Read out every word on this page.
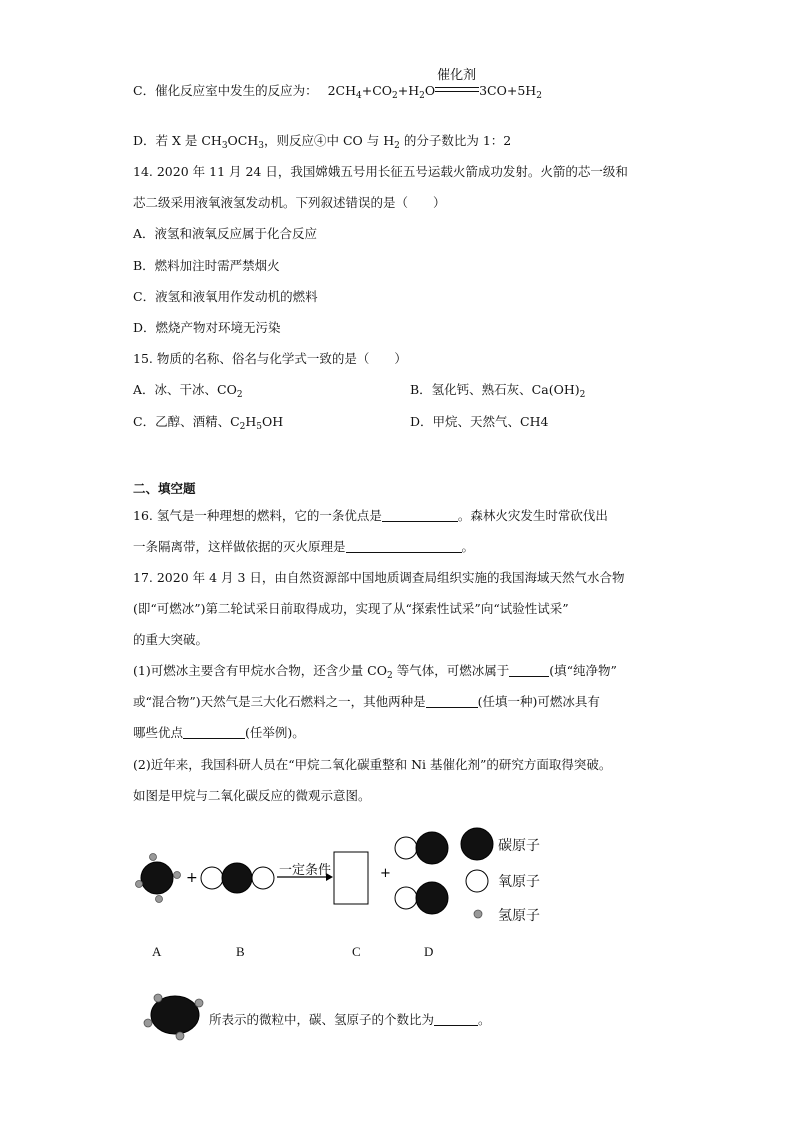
C．催化反应室中发生的反应为： $2CH_4+CO_2+H_2O$
催化剂
$3CO+5H_2$
D．若 X 是 $CH_3OCH_3$，则反应④中 CO 与 $H_2$ 的分子数比为 1：2
14. 2020 年 11 月 24 日，我国嫦娥五号用长征五号运载火箭成功发射。火箭的芯一级和
芯二级采用液氧液氢发动机。下列叙述错误的是（　　）
A．液氢和液氧反应属于化合反应
B．燃料加注时需严禁烟火
C．液氢和液氧用作发动机的燃料
D．燃烧产物对环境无污染
15. 物质的名称、俗名与化学式一致的是（　　）
A．冰、干冰、$CO_2$	B．氢化钙、熟石灰、$Ca(OH)_2$
C．乙醇、酒精、$C_2H_5OH$	D．甲烷、天然气、CH4
二、填空题
16. 氢气是一种理想的燃料，它的一条优点是	。森林火灾发生时常砍伐出
一条隔离带，这样做依据的灭火原理是	。
17. 2020 年 4 月 3 日，由自然资源部中国地质调查局组织实施的我国海域天然气水合物
(即“可燃冰”)第二轮试采日前取得成功，实现了从“探索性试采”向“试验性试采”
的重大突破。
(1)可燃冰主要含有甲烷水合物，还含少量 $CO_2$ 等气体，可燃冰属于	(填“纯净物”
或“混合物”)天然气是三大化石燃料之一，其他两种是	(任填一种)可燃冰具有
哪些优点	(任举例)。
(2)近年来，我国科研人员在“甲烷二氧化碳重整和 Ni 基催化剂”的研究方面取得突破。
如图是甲烷与二氧化碳反应的微观示意图。
+	+
一定条件
碳原子
氧原子
氢原子
A	B	C	D
所表示的微粒中，碳、氢原子的个数比为	。
